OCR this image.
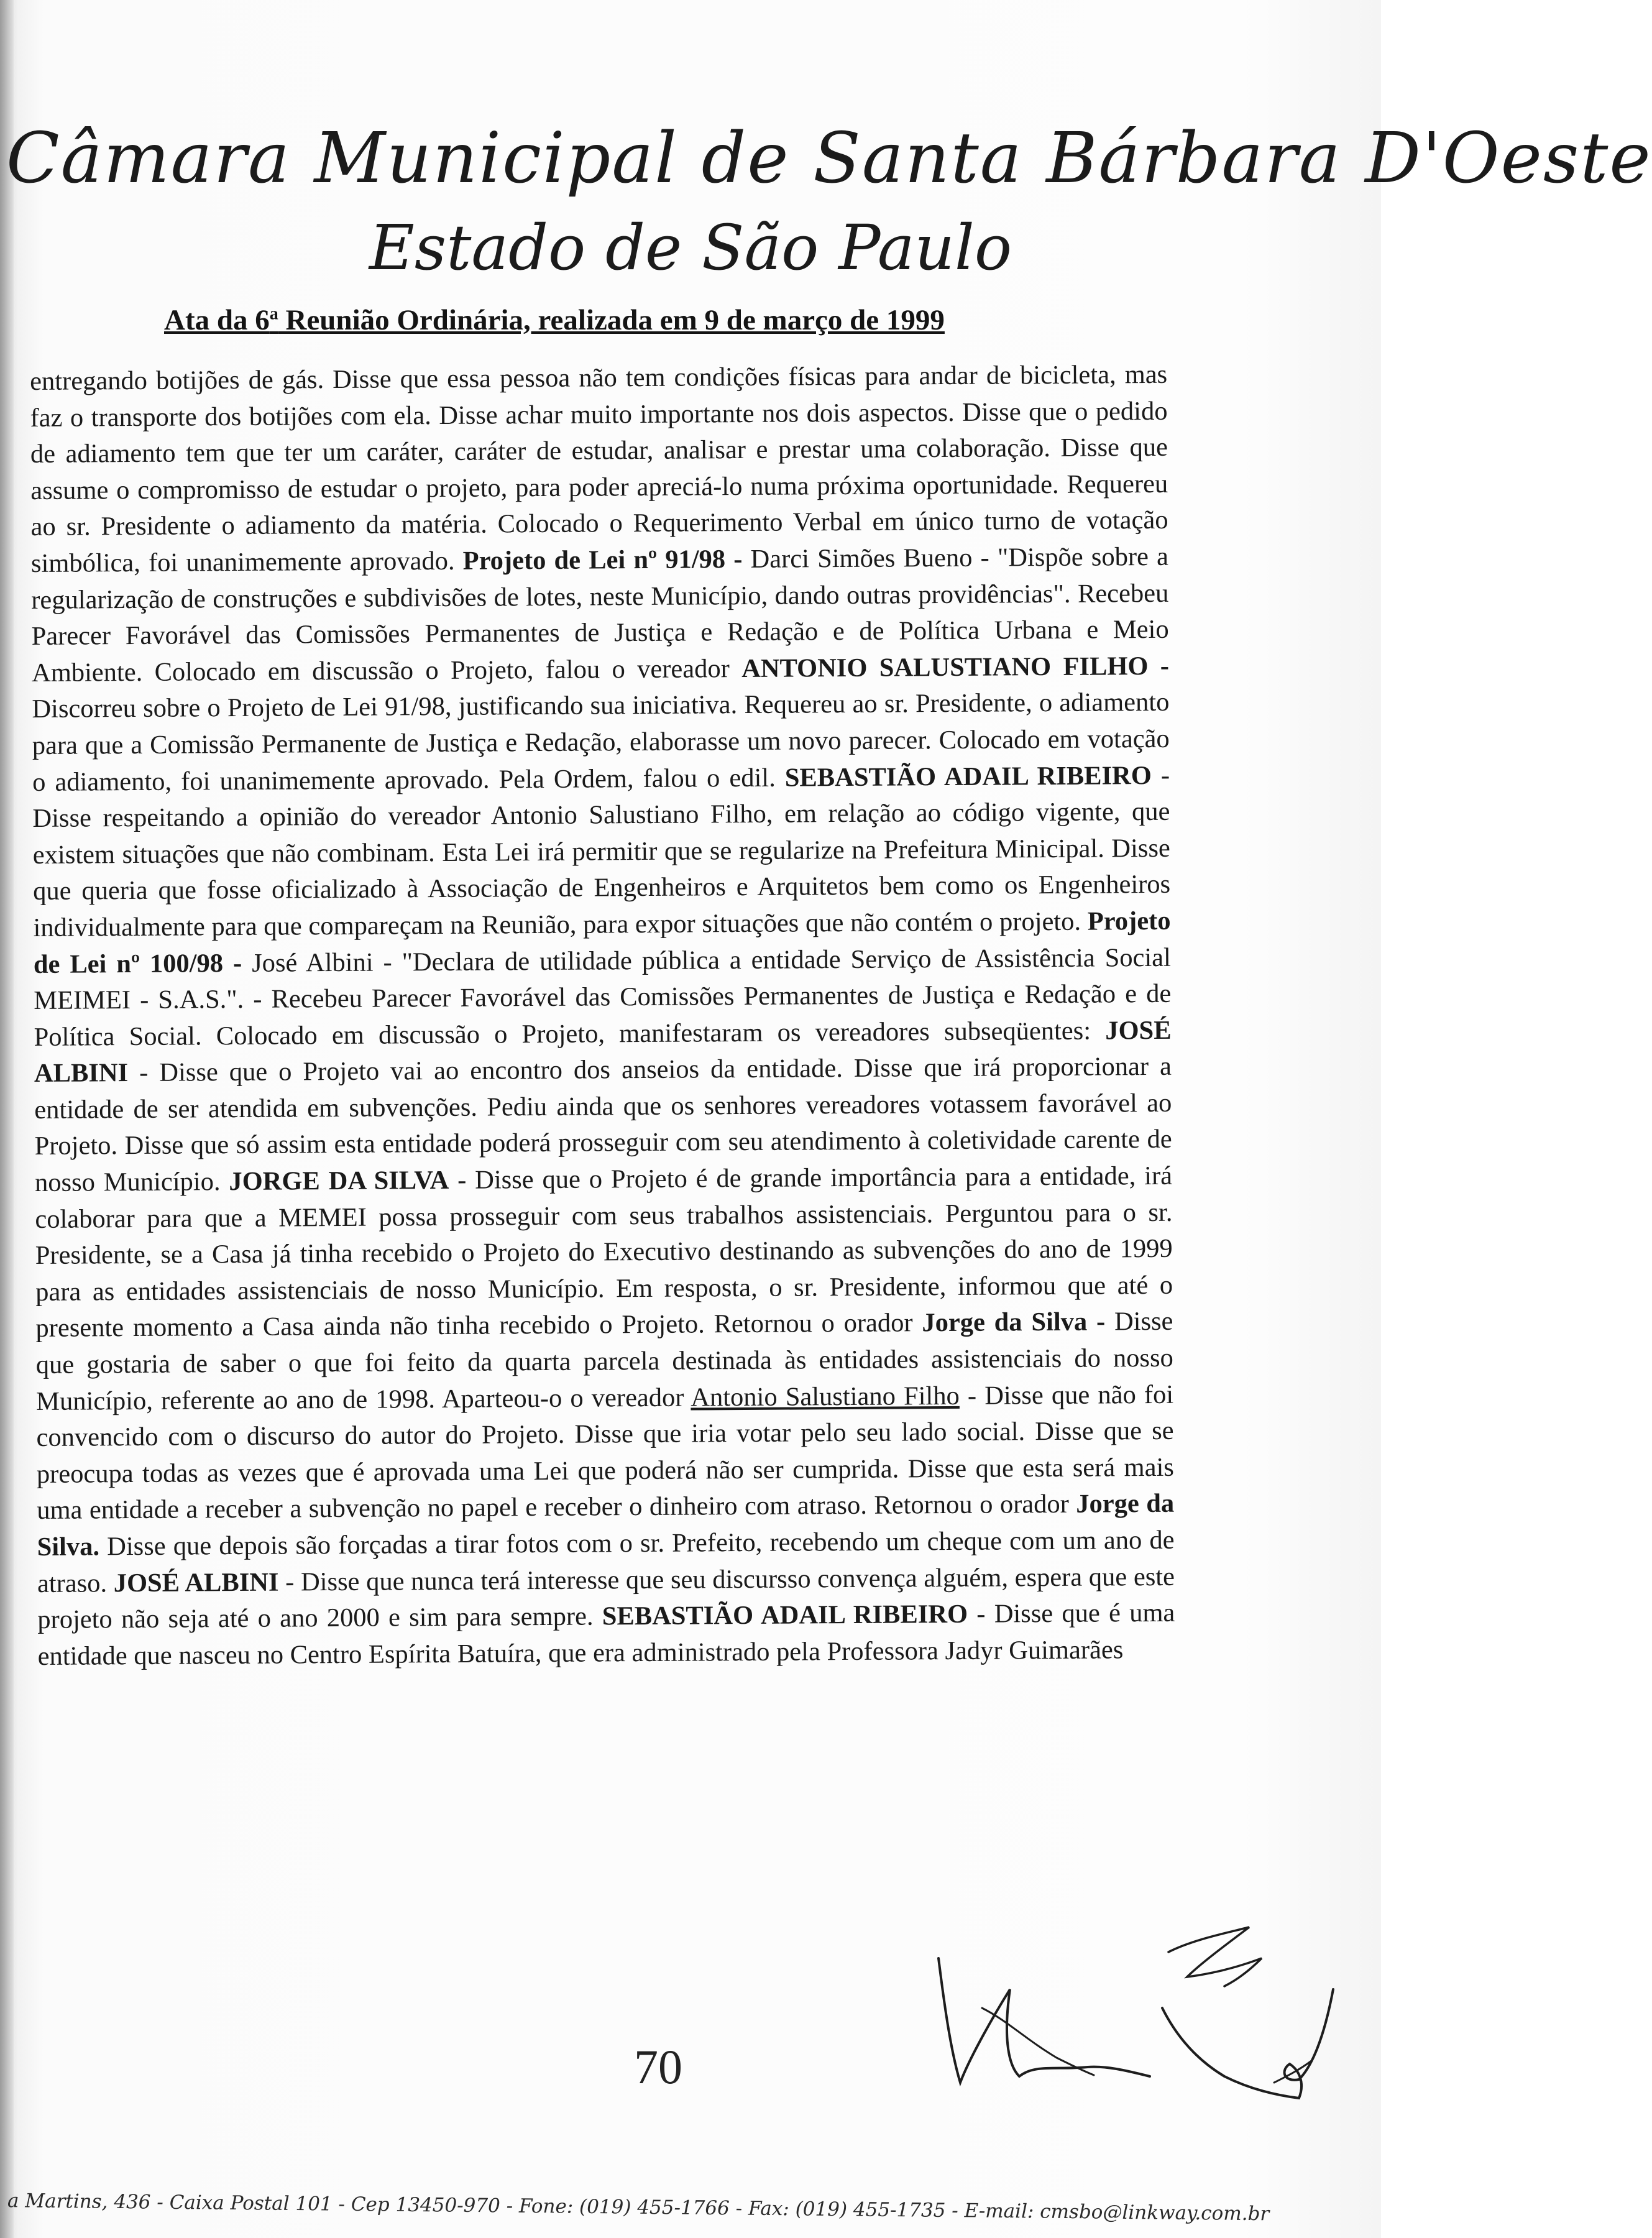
Câmara Municipal de Santa Bárbara D'Oeste
Estado de São Paulo
Ata da 6$^a$ Reunião Ordinária, realizada em 9 de março de 1999
entregando botijões de gás. Disse que essa pessoa não tem condições físicas para andar de bicicleta, mas faz o transporte dos botijões com ela. Disse achar muito importante nos dois aspectos. Disse que o pedido de adiamento tem que ter um caráter, caráter de estudar, analisar e prestar uma colaboração. Disse que assume o compromisso de estudar o projeto, para poder apreciá-lo numa próxima oportunidade. Requereu ao sr. Presidente o adiamento da matéria. Colocado o Requerimento Verbal em único turno de votação simbólica, foi unanimemente aprovado. Projeto de Lei nº 91/98 - Darci Simões Bueno - "Dispõe sobre a regularização de construções e subdivisões de lotes, neste Município, dando outras providências". Recebeu Parecer Favorável das Comissões Permanentes de Justiça e Redação e de Política Urbana e Meio Ambiente. Colocado em discussão o Projeto, falou o vereador ANTONIO SALUSTIANO FILHO - Discorreu sobre o Projeto de Lei 91/98, justificando sua iniciativa. Requereu ao sr. Presidente, o adiamento para que a Comissão Permanente de Justiça e Redação, elaborasse um novo parecer. Colocado em votação o adiamento, foi unanimemente aprovado. Pela Ordem, falou o edil. SEBASTIÃO ADAIL RIBEIRO - Disse respeitando a opinião do vereador Antonio Salustiano Filho, em relação ao código vigente, que existem situações que não combinam. Esta Lei irá permitir que se regularize na Prefeitura Minicipal. Disse que queria que fosse oficializado à Associação de Engenheiros e Arquitetos bem como os Engenheiros individualmente para que compareçam na Reunião, para expor situações que não contém o projeto. Projeto de Lei nº 100/98 - José Albini - "Declara de utilidade pública a entidade Serviço de Assistência Social MEIMEI - S.A.S.". - Recebeu Parecer Favorável das Comissões Permanentes de Justiça e Redação e de Política Social. Colocado em discussão o Projeto, manifestaram os vereadores subseqüentes: JOSÉ ALBINI - Disse que o Projeto vai ao encontro dos anseios da entidade. Disse que irá proporcionar a entidade de ser atendida em subvenções. Pediu ainda que os senhores vereadores votassem favorável ao Projeto. Disse que só assim esta entidade poderá prosseguir com seu atendimento à coletividade carente de nosso Município. JORGE DA SILVA - Disse que o Projeto é de grande importância para a entidade, irá colaborar para que a MEMEI possa prosseguir com seus trabalhos assistenciais. Perguntou para o sr. Presidente, se a Casa já tinha recebido o Projeto do Executivo destinando as subvenções do ano de 1999 para as entidades assistenciais de nosso Município. Em resposta, o sr. Presidente, informou que até o presente momento a Casa ainda não tinha recebido o Projeto. Retornou o orador Jorge da Silva - Disse que gostaria de saber o que foi feito da quarta parcela destinada às entidades assistenciais do nosso Município, referente ao ano de 1998. Aparteou-o o vereador Antonio Salustiano Filho - Disse que não foi convencido com o discurso do autor do Projeto. Disse que iria votar pelo seu lado social. Disse que se preocupa todas as vezes que é aprovada uma Lei que poderá não ser cumprida. Disse que esta será mais uma entidade a receber a subvenção no papel e receber o dinheiro com atraso. Retornou o orador Jorge da Silva. Disse que depois são forçadas a tirar fotos com o sr. Prefeito, recebendo um cheque com um ano de atraso. JOSÉ ALBINI - Disse que nunca terá interesse que seu discursso convença alguém, espera que este projeto não seja até o ano 2000 e sim para sempre. SEBASTIÃO ADAIL RIBEIRO - Disse que é uma entidade que nasceu no Centro Espírita Batuíra, que era administrado pela Professora Jadyr Guimarães
70
a Martins, 436 - Caixa Postal 101 - Cep 13450-970 - Fone: (019) 455-1766 - Fax: (019) 455-1735 - E-mail: cmsbo@linkway.com.br
